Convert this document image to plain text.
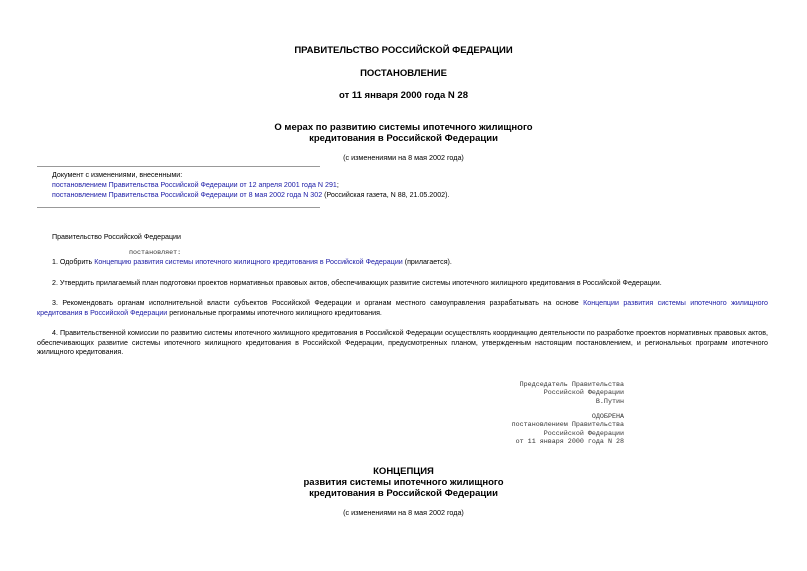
ПРАВИТЕЛЬСТВО РОССИЙСКОЙ ФЕДЕРАЦИИ
ПОСТАНОВЛЕНИЕ
от 11 января 2000 года N 28
О мерах по развитию системы ипотечного жилищного
кредитования в Российской Федерации
(с изменениями на 8 мая 2002 года)
Документ с изменениями, внесенными:
постановлением Правительства Российской Федерации от 12 апреля 2001 года N 291;
постановлением Правительства Российской Федерации от 8 мая 2002 года N 302 (Российская газета, N 88, 21.05.2002).
Правительство Российской Федерации
постановляет:
1. Одобрить Концепцию развития системы ипотечного жилищного кредитования в Российской Федерации (прилагается).
2. Утвердить прилагаемый план подготовки проектов нормативных правовых актов, обеспечивающих развитие системы ипотечного жилищного кредитования в Российской Федерации.
3. Рекомендовать органам исполнительной власти субъектов Российской Федерации и органам местного самоуправления разрабатывать на основе Концепции развития системы ипотечного жилищного кредитования в Российской Федерации региональные программы ипотечного жилищного кредитования.
4. Правительственной комиссии по развитию системы ипотечного жилищного кредитования в Российской Федерации осуществлять координацию деятельности по разработке проектов нормативных правовых актов, обеспечивающих развитие системы ипотечного жилищного кредитования в Российской Федерации, предусмотренных планом, утвержденным настоящим постановлением, и региональных программ ипотечного жилищного кредитования.
Председатель Правительства
Российской Федерации
В.Путин
ОДОБРЕНА
постановлением Правительства
Российской Федерации
от 11 января 2000 года N 28
КОНЦЕПЦИЯ
развития системы ипотечного жилищного
кредитования в Российской Федерации
(с изменениями на 8 мая 2002 года)
